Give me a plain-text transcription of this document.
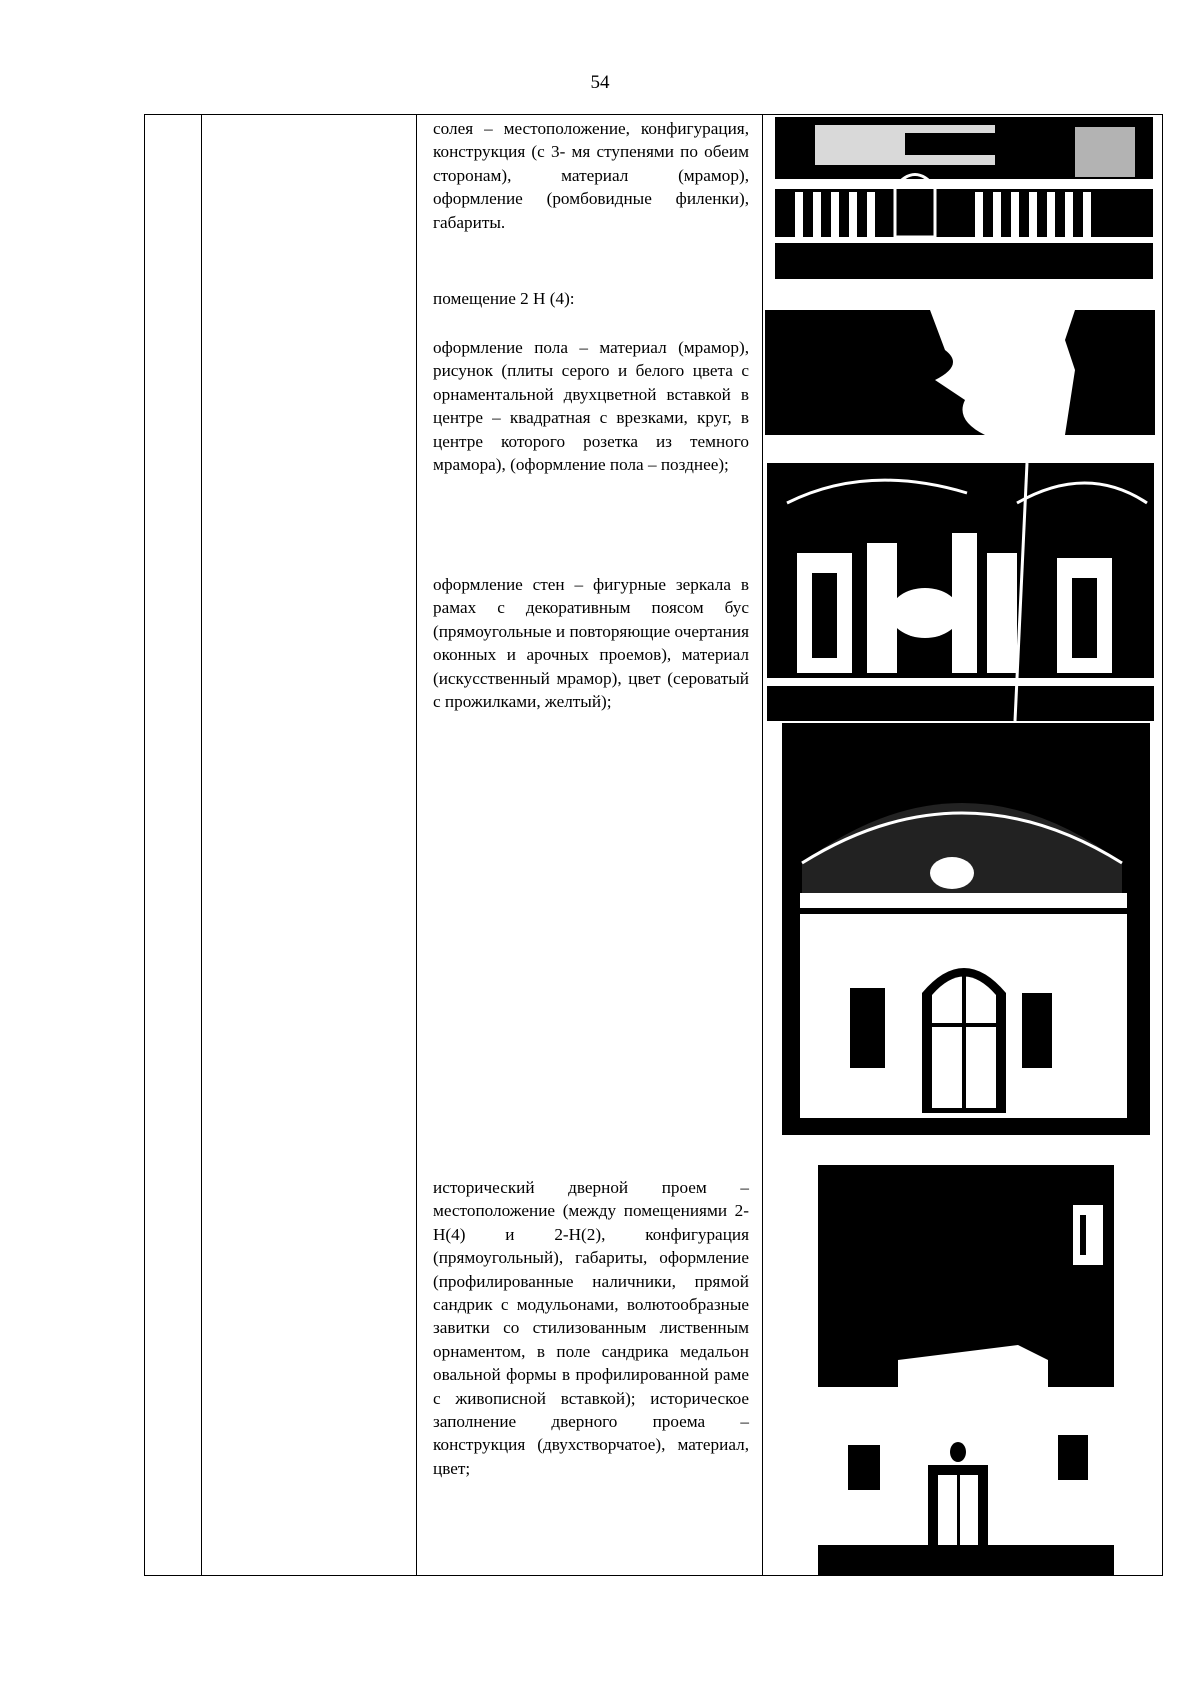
54
солея – местоположение, конфигурация, конструкция (с 3- мя ступенями по обеим сторонам), материал (мрамор), оформление (ромбовидные филенки), габариты.
помещение 2 Н (4):
оформление пола – материал (мрамор), рисунок (плиты серого и белого цвета с орнаментальной двухцветной вставкой в центре – квадратная с врезками, круг, в центре которого розетка из темного мрамора), (оформление пола – позднее);
оформление стен – фигурные зеркала в рамах с декоративным поясом бус (прямоугольные и повторяющие очертания оконных и арочных проемов), материал (искусственный мрамор), цвет (сероватый с прожилками, желтый);
исторический дверной проем – местоположение (между помещениями 2-Н(4) и 2-Н(2), конфигурация (прямоугольный), габариты, оформление (профилированные наличники, прямой сандрик с модульонами, волютообразные завитки со стилизованным лиственным орнаментом, в поле сандрика медальон овальной формы в профилированной раме с живописной вставкой); историческое заполнение дверного проема – конструкция (двухстворчатое), материал, цвет;
